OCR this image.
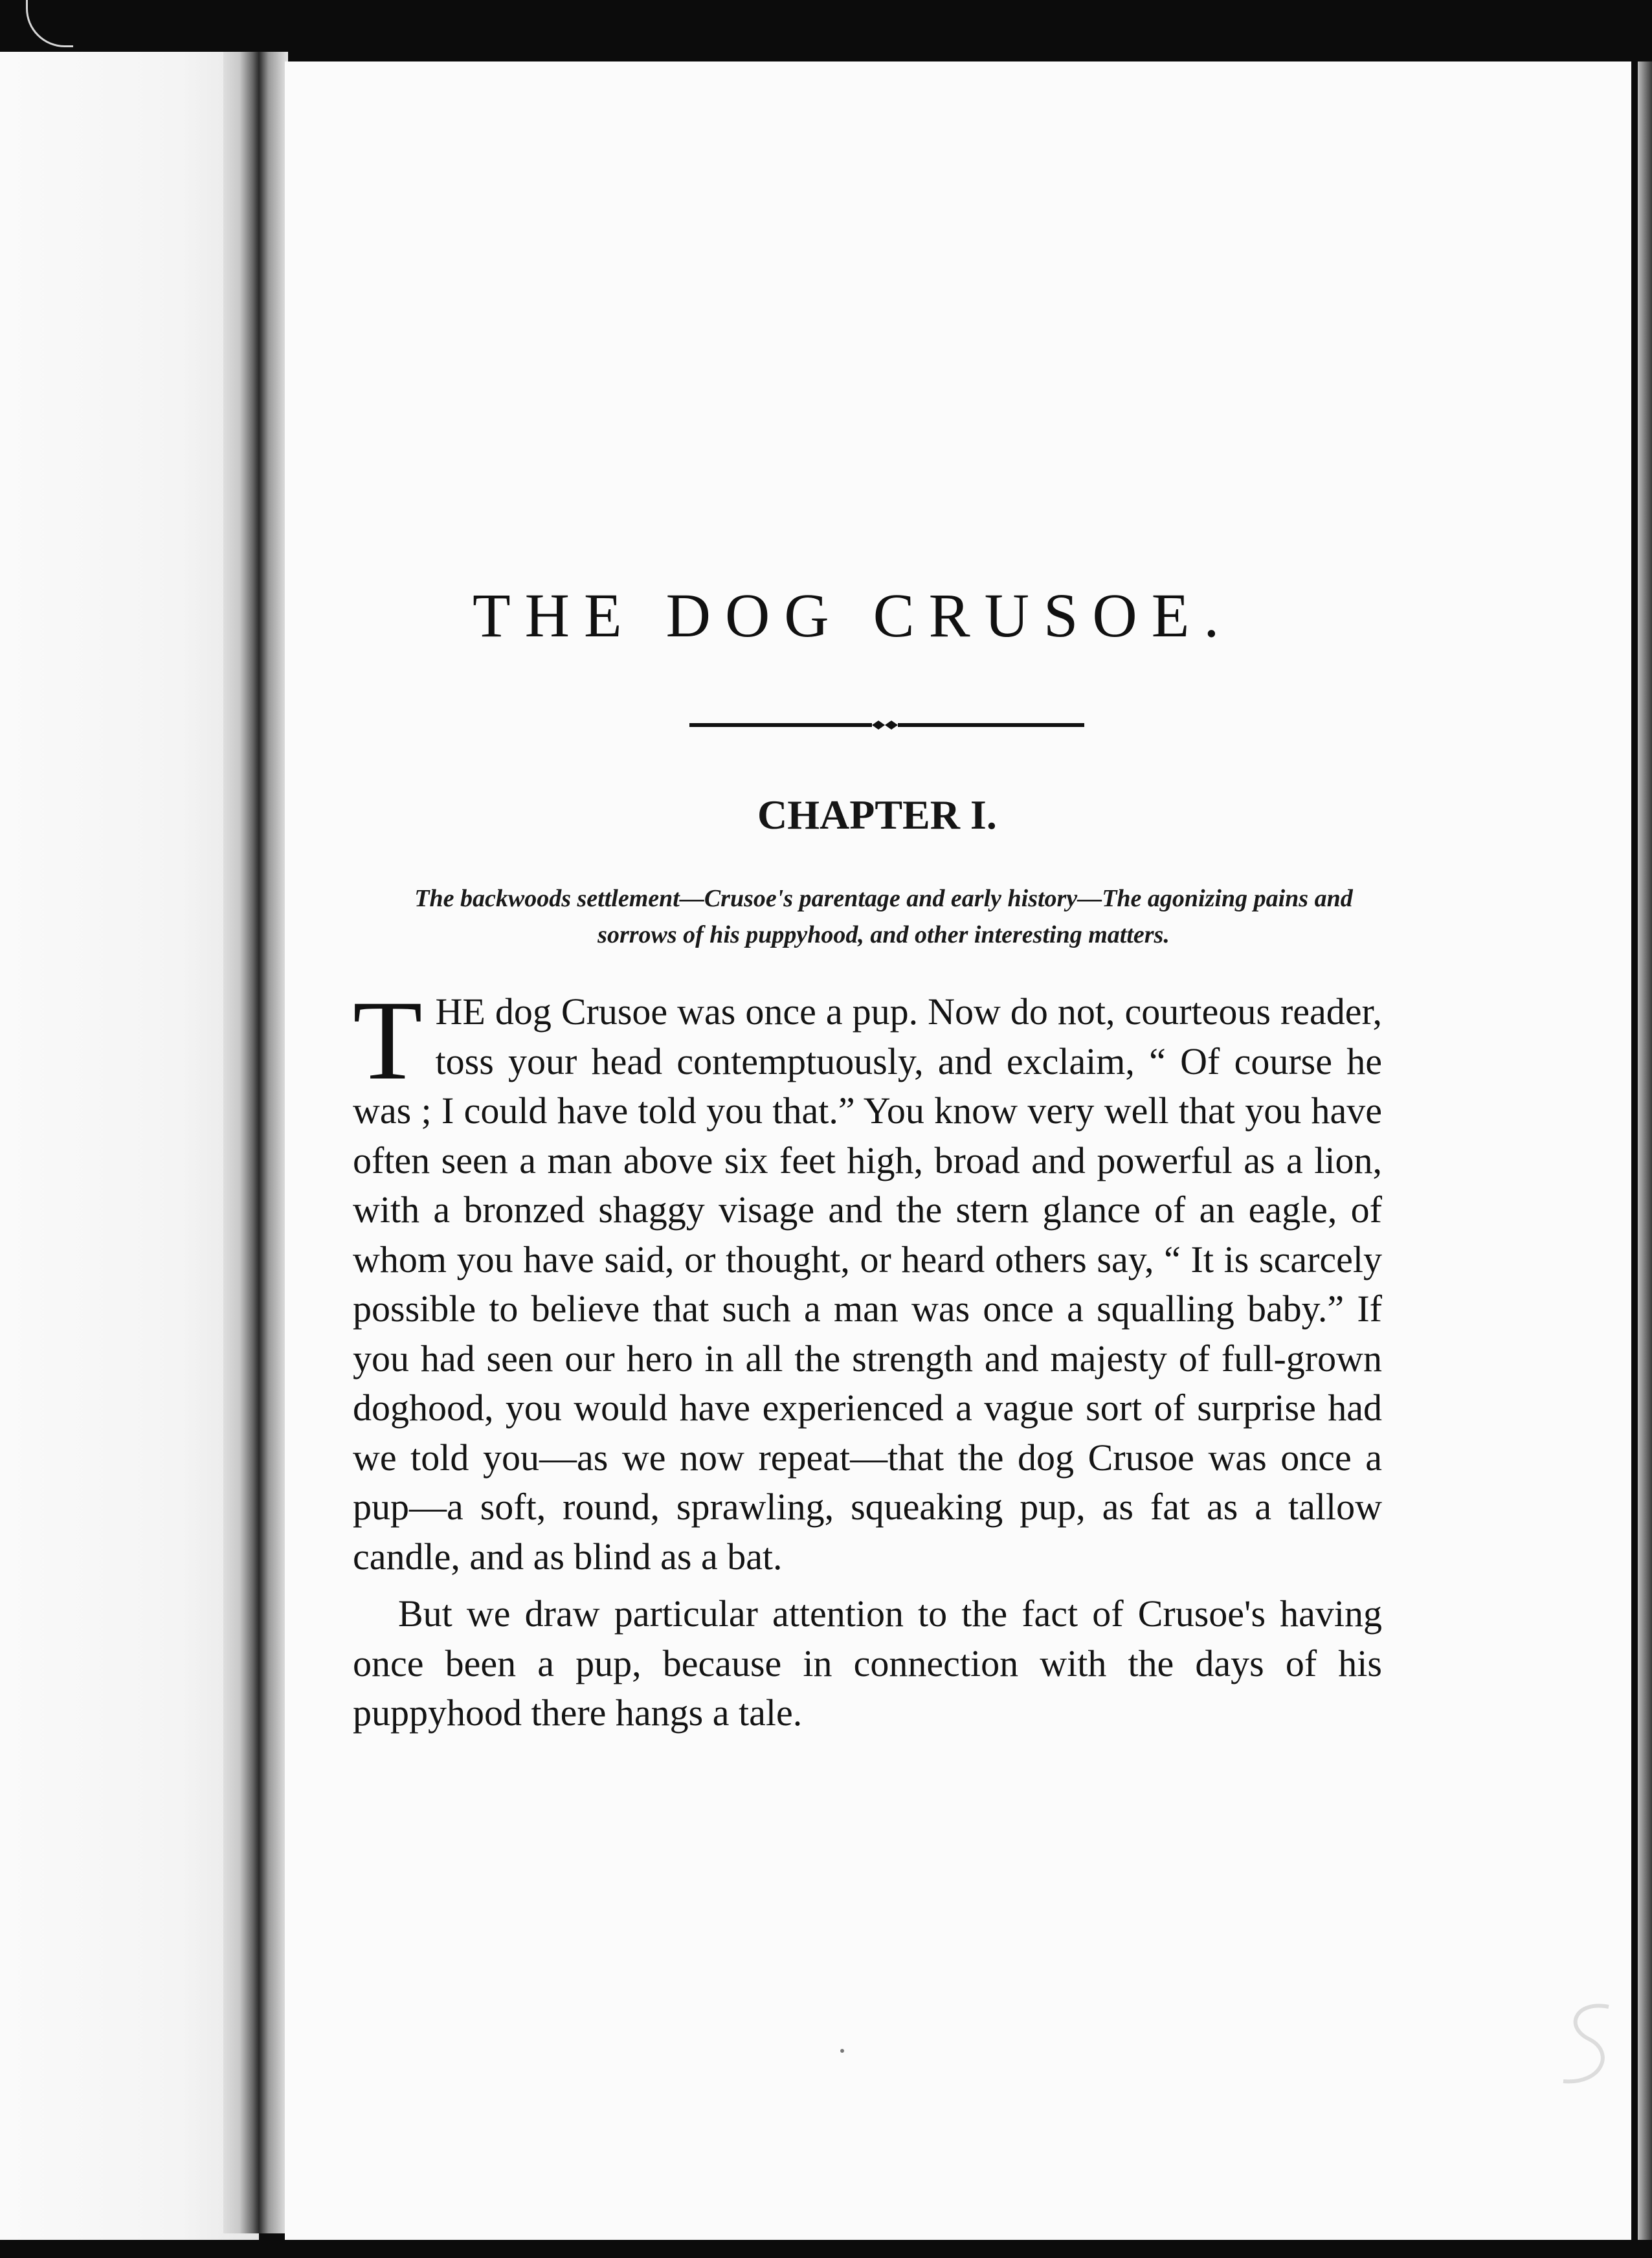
THE DOG CRUSOE.
CHAPTER I.

The backwoods settlement—Crusoe's parentage and early history—The agonizing pains and sorrows of his puppyhood, and other interesting matters.

THE dog Crusoe was once a pup. Now do not, courteous reader, toss your head contemptuously, and exclaim, “ Of course he was ; I could have told you that.” You know very well that you have often seen a man above six feet high, broad and powerful as a lion, with a bronzed shaggy visage and the stern glance of an eagle, of whom you have said, or thought, or heard others say, “ It is scarcely possible to believe that such a man was once a squalling baby.” If you had seen our hero in all the strength and majesty of full-grown doghood, you would have experienced a vague sort of surprise had we told you—as we now repeat—that the dog Crusoe was once a pup—a soft, round, sprawling, squeaking pup, as fat as a tallow candle, and as blind as a bat.

But we draw particular attention to the fact of Crusoe's having once been a pup, because in connection with the days of his puppyhood there hangs a tale.
